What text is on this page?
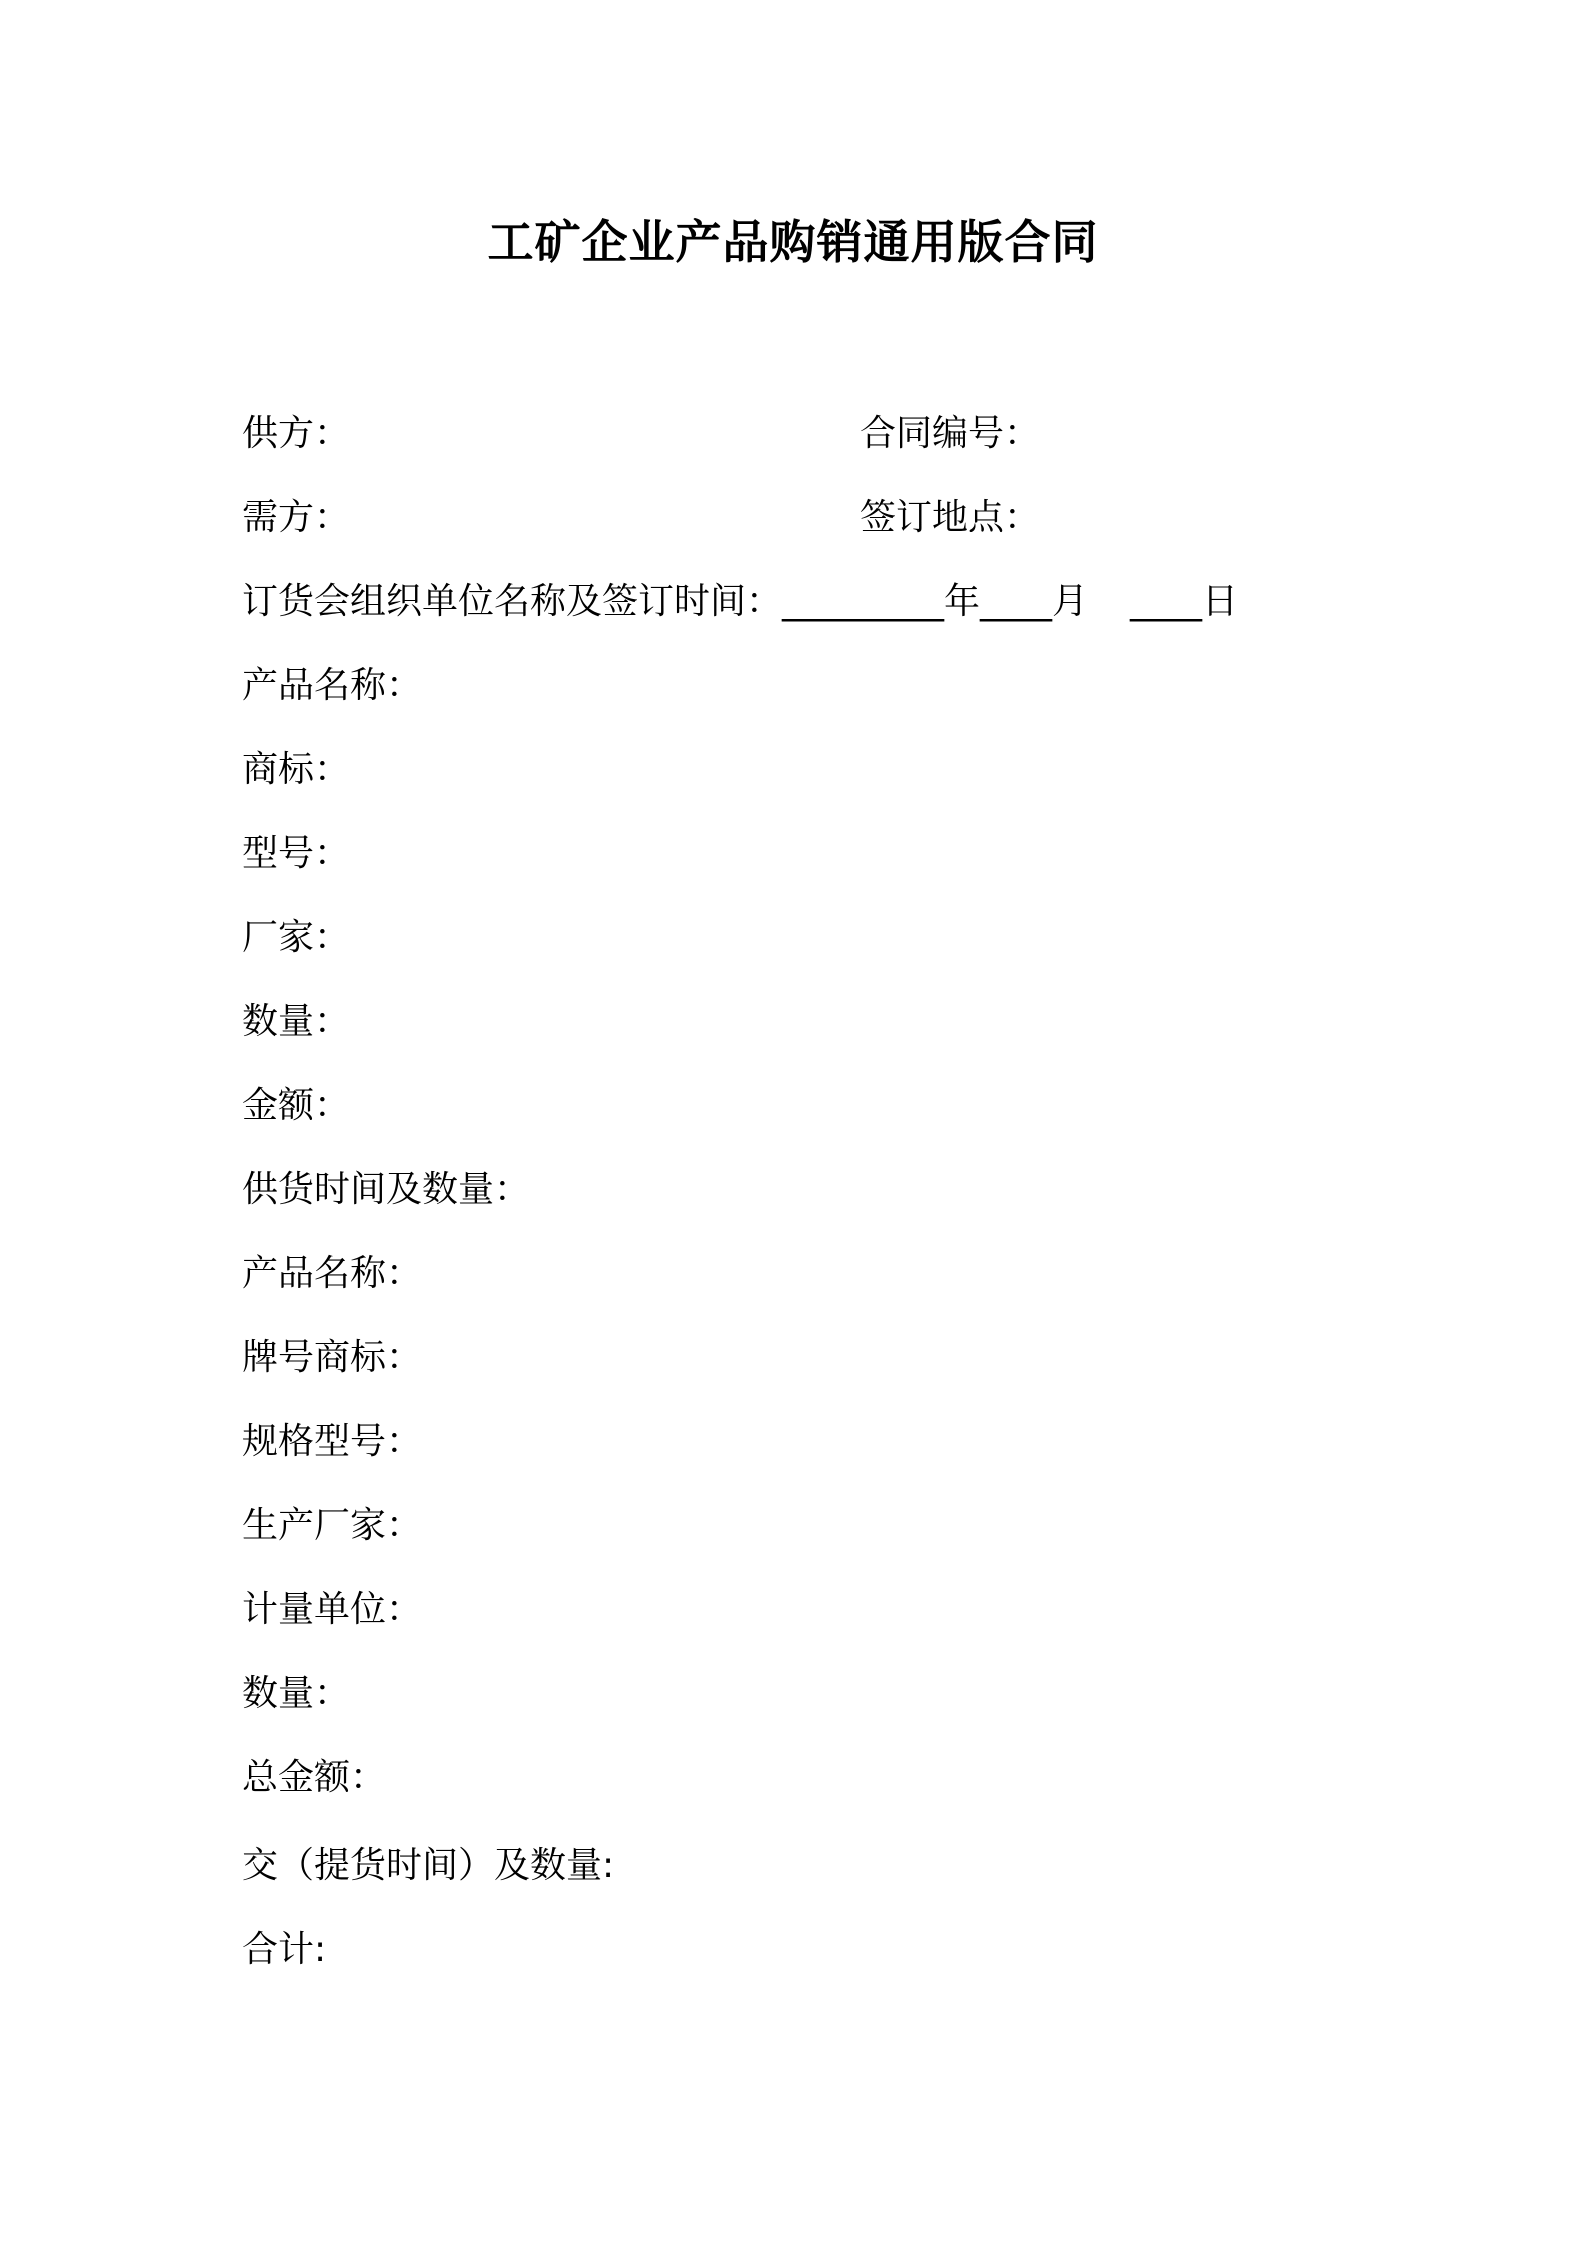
工矿企业产品购销通用版合同
供方：	合同编号：
需方：	签订地点：
订货会组织单位名称及签订时间：_________年____月 ____日
产品名称：
商标：
型号：
厂家：
数量：
金额：
供货时间及数量：
产品名称：
牌号商标：
规格型号：
生产厂家：
计量单位：
数量：
总金额：
交（提货时间）及数量:
合计:
